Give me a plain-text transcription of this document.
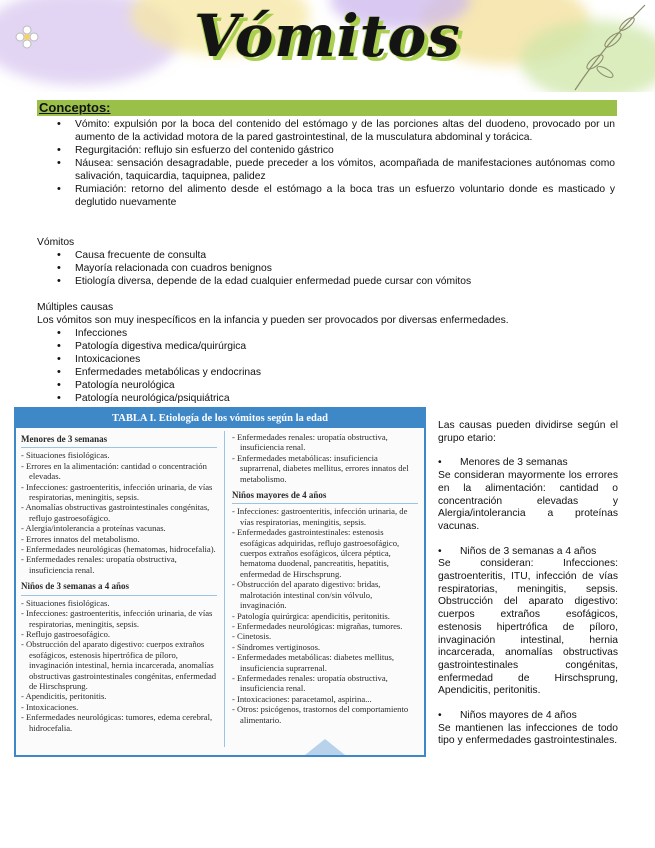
Vómitos
Conceptos:
• Vómito: expulsión por la boca del contenido del estómago y de las porciones altas del duodeno, provocado por un aumento de la actividad motora de la pared gastrointestinal, de la musculatura abdominal y torácica.
• Regurgitación: reflujo sin esfuerzo del contenido gástrico
• Náusea: sensación desagradable, puede preceder a los vómitos, acompañada de manifestaciones autónomas como salivación, taquicardia, taquipnea, palidez
• Rumiación: retorno del alimento desde el estómago a la boca tras un esfuerzo voluntario donde es masticado y deglutido nuevamente

Vómitos

• Causa frecuente de consulta
• Mayoría relacionada con cuadros benignos
• Etiología diversa, depende de la edad cualquier enfermedad puede cursar con vómitos

Múltiples causas

Los vómitos son muy inespecíficos en la infancia y pueden ser provocados por diversas enfermedades.

• Infecciones
• Patología digestiva medica/quirúrgica
• Intoxicaciones
• Enfermedades metabólicas y endocrinas
• Patología neurológica
• Patología neurológica/psiquiátrica
TABLA I. Etiología de los vómitos según la edad
Menores de 3 semanas

- Situaciones fisiológicas.

- Errores en la alimentación: cantidad o concentración elevadas.

- Infecciones: gastroenteritis, infección urinaria, de vías respiratorias, meningitis, sepsis.

- Anomalías obstructivas gastrointestinales congénitas, reflujo gastroesofágico.

- Alergia/intolerancia a proteínas vacunas.

- Errores innatos del metabolismo.

- Enfermedades neurológicas (hematomas, hidrocefalia).

- Enfermedades renales: uropatía obstructiva, insuficiencia renal.

Niños de 3 semanas a 4 años

- Situaciones fisiológicas.

- Infecciones: gastroenteritis, infección urinaria, de vías respiratorias, meningitis, sepsis.

- Reflujo gastroesofágico.

- Obstrucción del aparato digestivo: cuerpos extraños esofágicos, estenosis hipertrófica de píloro, invaginación intestinal, hernia incarcerada, anomalías obstructivas gastrointestinales congénitas, enfermedad de Hirschsprung.

- Apendicitis, peritonitis.

- Intoxicaciones.

- Enfermedades neurológicas: tumores, edema cerebral, hidrocefalia.

- Enfermedades renales: uropatía obstructiva, insuficiencia renal.

- Enfermedades metabólicas: insuficiencia suprarrenal, diabetes mellitus, errores innatos del metabolismo.

Niños mayores de 4 años

- Infecciones: gastroenteritis, infección urinaria, de vías respiratorias, meningitis, sepsis.

- Enfermedades gastrointestinales: estenosis esofágicas adquiridas, reflujo gastroesofágico, cuerpos extraños esofágicos, úlcera péptica, hematoma duodenal, pancreatitis, hepatitis, enfermedad de Hirschsprung.

- Obstrucción del aparato digestivo: bridas, malrotación intestinal con/sin vólvulo, invaginación.

- Patología quirúrgica: apendicitis, peritonitis.

- Enfermedades neurológicas: migrañas, tumores.

- Cinetosis.

- Síndromes vertiginosos.

- Enfermedades metabólicas: diabetes mellitus, insuficiencia suprarrenal.

- Enfermedades renales: uropatía obstructiva, insuficiencia renal.

- Intoxicaciones: paracetamol, aspirina...

- Otros: psicógenos, trastornos del comportamiento alimentario.

Las causas pueden dividirse según el grupo etario:

• Menores de 3 semanas

Se consideran mayormente los errores en la alimentación: cantidad o concentración elevadas y Alergia/intolerancia a proteínas vacunas.

• Niños de 3 semanas a 4 años

Se consideran: Infecciones: gastroenteritis, ITU, infección de vías respiratorias, meningitis, sepsis. Obstrucción del aparato digestivo: cuerpos extraños esofágicos, estenosis hipertrófica de píloro, invaginación intestinal, hernia incarcerada, anomalías obstructivas gastrointestinales congénitas, enfermedad de Hirschsprung, Apendicitis, peritonitis.

• Niños mayores de 4 años

Se mantienen las infecciones de todo tipo y enfermedades gastrointestinales.
